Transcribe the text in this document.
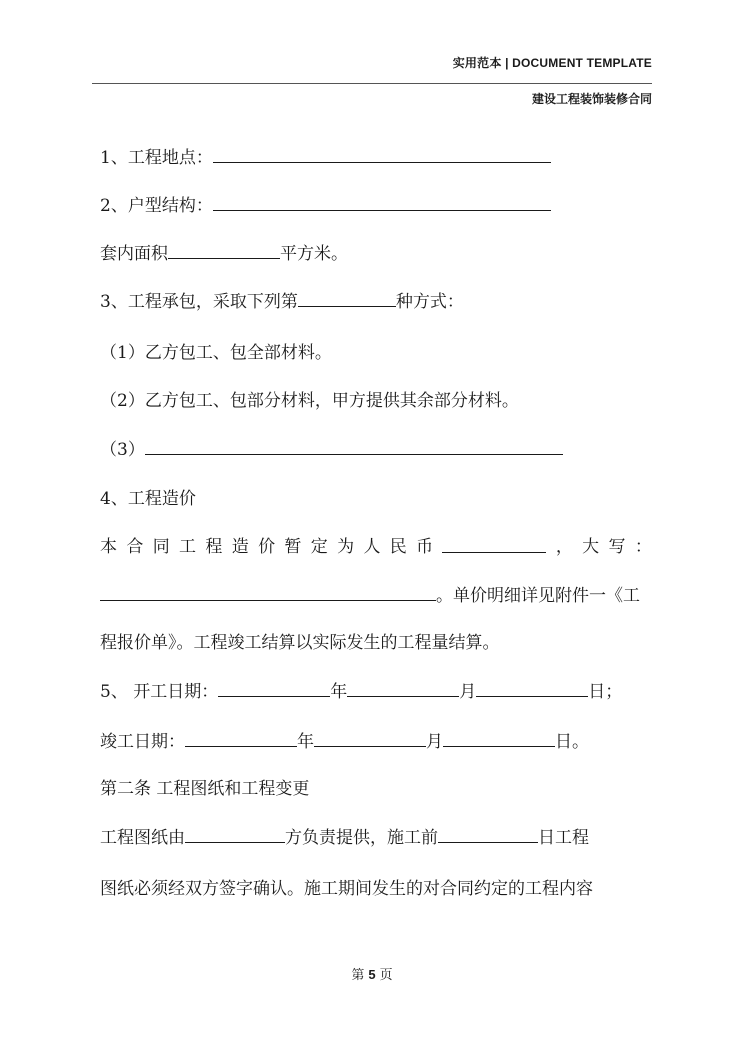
实用范本 | DOCUMENT TEMPLATE
建设工程装饰装修合同
1、工程地点：
2、户型结构：
套内面积	平方米。
3、工程承包，采取下列第	种方式：
（1）乙方包工、包全部材料。
（2）乙方包工、包部分材料，甲方提供其余部分材料。
（3）
4、工程造价
本 合 同 工 程 造 价 暂 定 为 人 民 币	， 大 写 ：
。单价明细详见附件一《工
程报价单》。工程竣工结算以实际发生的工程量结算。
5、 开工日期：	年	月	日；
竣工日期：	年	月	日。
第二条 工程图纸和工程变更
工程图纸由	方负责提供，施工前	日工程
图纸必须经双方签字确认。施工期间发生的对合同约定的工程内容
第 5 页
